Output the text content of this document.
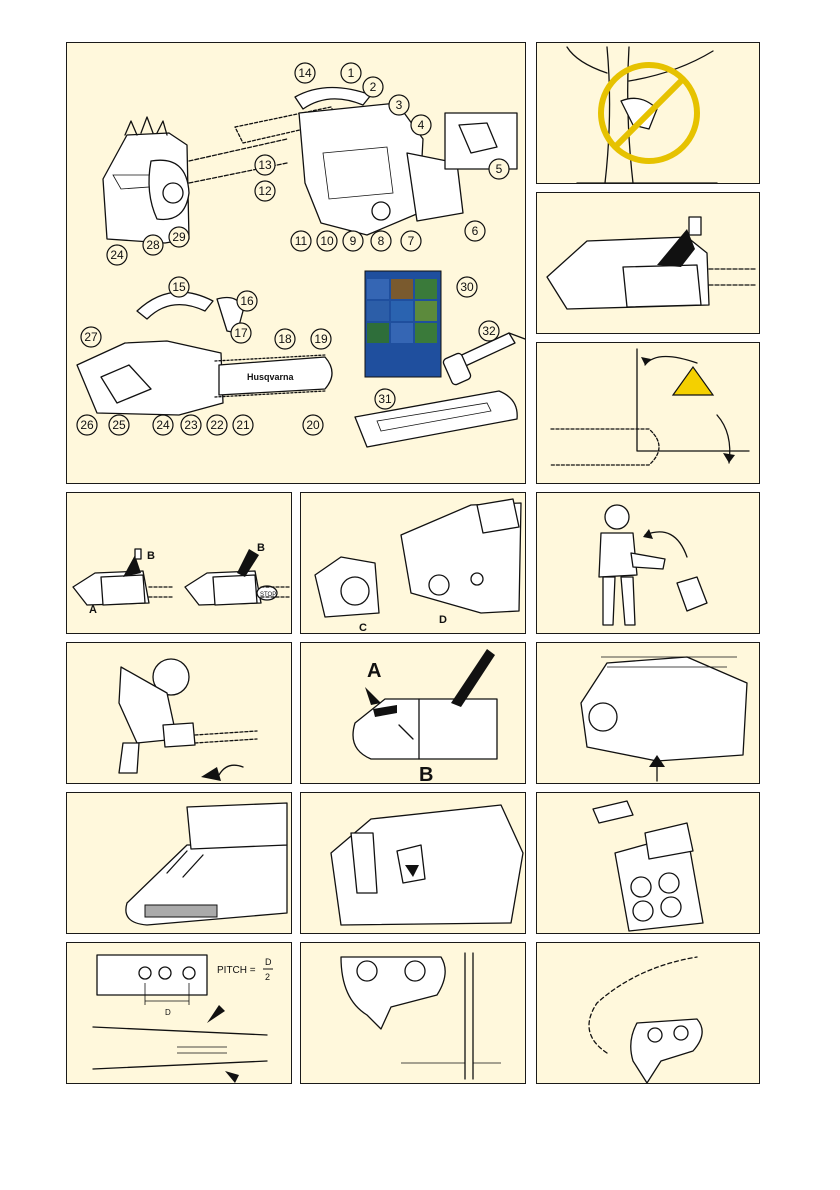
14	1
2
3
4
13
12
11 10 9 8 7
6
5
24
28
29
Husqvarna
15
16
27	17	18 19
26 25	24 23 22 21	20
30
32
31
A
B
STOP
B
C
D
A
B
D
PITCH =
D
2
